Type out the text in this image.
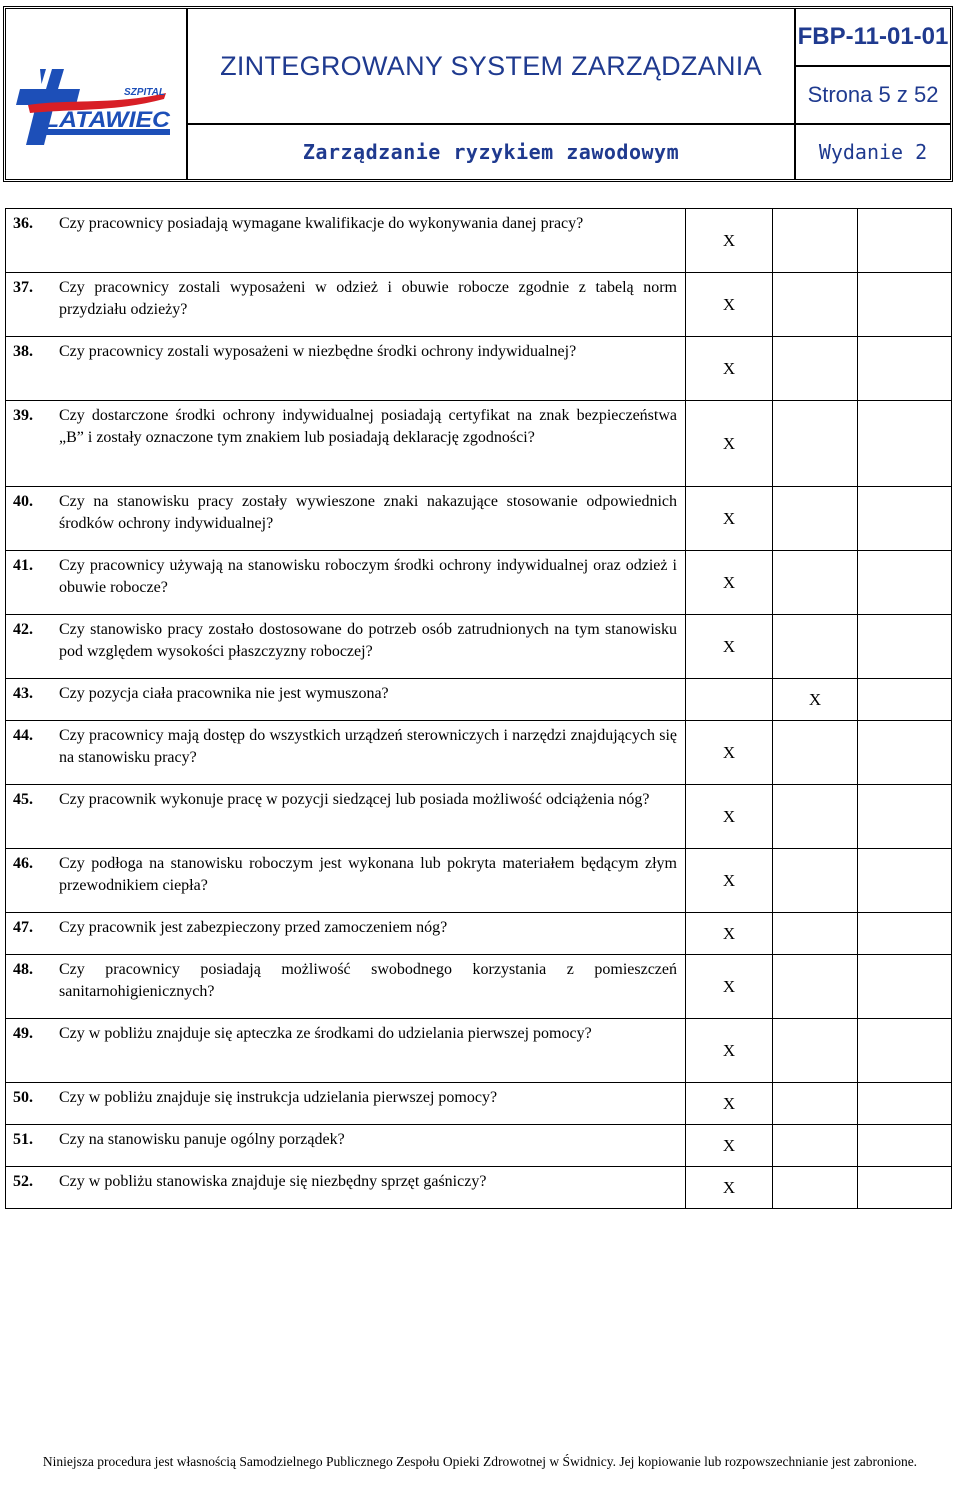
SZPITAL
LATAWIEC
ZINTEGROWANY SYSTEM ZARZĄDZANIA
FBP-11-01-01
Strona 5 z 52
Zarządzanie ryzykiem zawodowym	Wydanie 2
36. Czy pracownicy posiadają wymagane kwalifikacje do wykonywania danej pracy?	X		

37. Czy pracownicy zostali wyposażeni w odzież i obuwie robocze zgodnie z tabelą norm przydziału odzieży?	X		

38. Czy pracownicy zostali wyposażeni w niezbędne środki ochrony indywidualnej?	X		

39. Czy dostarczone środki ochrony indywidualnej posiadają certyfikat na znak bezpieczeństwa „B” i zostały oznaczone tym znakiem lub posiadają deklarację zgodności?	X		

40. Czy na stanowisku pracy zostały wywieszone znaki nakazujące stosowanie odpowiednich środków ochrony indywidualnej?	X		

41. Czy pracownicy używają na stanowisku roboczym środki ochrony indywidualnej oraz odzież i obuwie robocze?	X		

42. Czy stanowisko pracy zostało dostosowane do potrzeb osób zatrudnionych na tym stanowisku pod względem wysokości płaszczyzny roboczej?	X		

43. Czy pozycja ciała pracownika nie jest wymuszona?		X	

44. Czy pracownicy mają dostęp do wszystkich urządzeń sterowniczych i narzędzi znajdujących się na stanowisku pracy?	X		

45. Czy pracownik wykonuje pracę w pozycji siedzącej lub posiada możliwość odciążenia nóg?	X		

46. Czy podłoga na stanowisku roboczym jest wykonana lub pokryta materiałem będącym złym przewodnikiem ciepła?	X		

47. Czy pracownik jest zabezpieczony przed zamoczeniem nóg?	X		

48. Czy pracownicy posiadają możliwość swobodnego korzystania z pomieszczeń sanitarnohigienicznych?	X		

49. Czy w pobliżu znajduje się apteczka ze środkami do udzielania pierwszej pomocy?	X		

50. Czy w pobliżu znajduje się instrukcja udzielania pierwszej pomocy?	X		

51. Czy na stanowisku panuje ogólny porządek?	X		

52. Czy w pobliżu stanowiska znajduje się niezbędny sprzęt gaśniczy?	X		
Niniejsza procedura jest własnością Samodzielnego Publicznego Zespołu Opieki Zdrowotnej w Świdnicy. Jej kopiowanie lub rozpowszechnianie jest zabronione.
